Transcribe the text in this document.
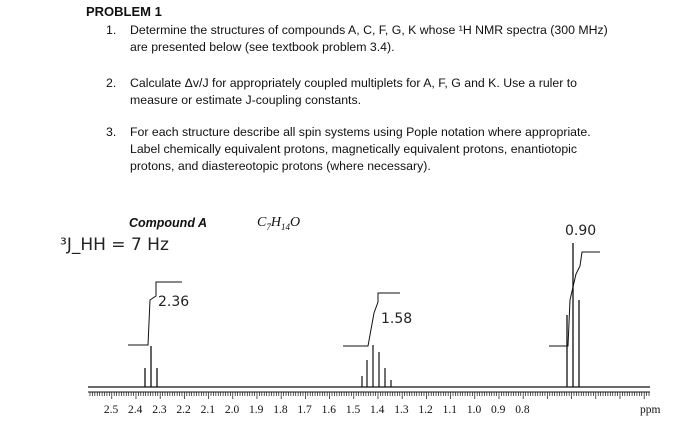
PROBLEM 1
1. Determine the structures of compounds A, C, F, G, K whose ¹H NMR spectra (300 MHz)
are presented below (see textbook problem 3.4).
2. Calculate Δv/J for appropriately coupled multiplets for A, F, G and K. Use a ruler to
measure or estimate J-coupling constants.
3. For each structure describe all spin systems using Pople notation where appropriate.
Label chemically equivalent protons, magnetically equivalent protons, enantiotopic
protons, and diastereotopic protons (where necessary).
Compound A	$C_7H_{14}O$
³J_HH = 7 Hz
2.5 2.4 2.3 2.2 2.1 2.0 1.9 1.8 1.7 1.6 1.5 1.4 1.3 1.2 1.1 1.0 0.9 0.8	ppm
2.36
1.58
0.90
